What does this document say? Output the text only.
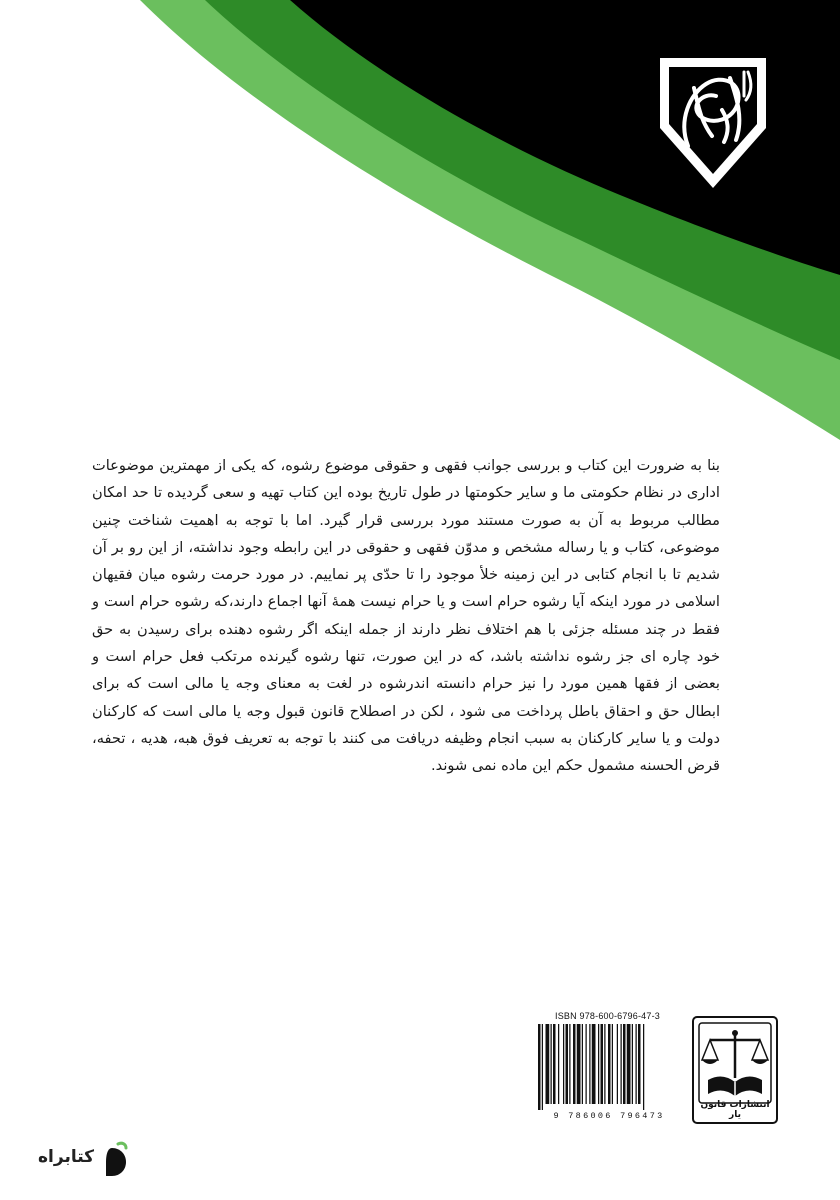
بنا به ضرورت این کتاب و بررسی جوانب فقهی و حقوقی موضوع رشوه، که یکی از مهمترین موضوعات اداری در نظام حکومتی ما و سایر حکومتها در طول تاریخ بوده این کتاب تهیه و سعی گردیده تا حد امکان مطالب مربوط به آن به صورت مستند مورد بررسی قرار گیرد. اما با توجه به اهمیت شناخت چنین موضوعی، کتاب و یا رساله مشخص و مدوّن فقهی و حقوقی در این رابطه وجود نداشته، از این رو بر آن شدیم تا با انجام کتابی در این زمینه خلأ موجود را تا حدّی پر نماییم. در مورد حرمت رشوه میان فقیهان اسلامی در مورد اینکه آیا رشوه حرام است و یا حرام نیست همهٔ آنها اجماع دارند،که رشوه حرام است و فقط در چند مسئله جزئی با هم اختلاف نظر دارند از جمله اینکه اگر رشوه دهنده برای رسیدن به حق خود چاره ای جز رشوه نداشته باشد، که در این صورت، تنها رشوه گیرنده مرتکب فعل حرام است و بعضی از فقها همین مورد را نیز حرام دانسته اندرشوه در لغت به معنای وجه یا مالی است که برای ابطال حق و احقاق باطل پرداخت می شود ، لکن در اصطلاح قانون قبول وجه یا مالی است که کارکنان دولت و یا سایر کارکنان به سبب انجام وظیفه دریافت می کنند با توجه به تعریف فوق هبه، هدیه ، تحفه، قرض الحسنه مشمول حکم این ماده نمی شوند.

ISBN 978-600-6796-47-3
9 786006 796473
انتشارات قانون یار
کتابراه
